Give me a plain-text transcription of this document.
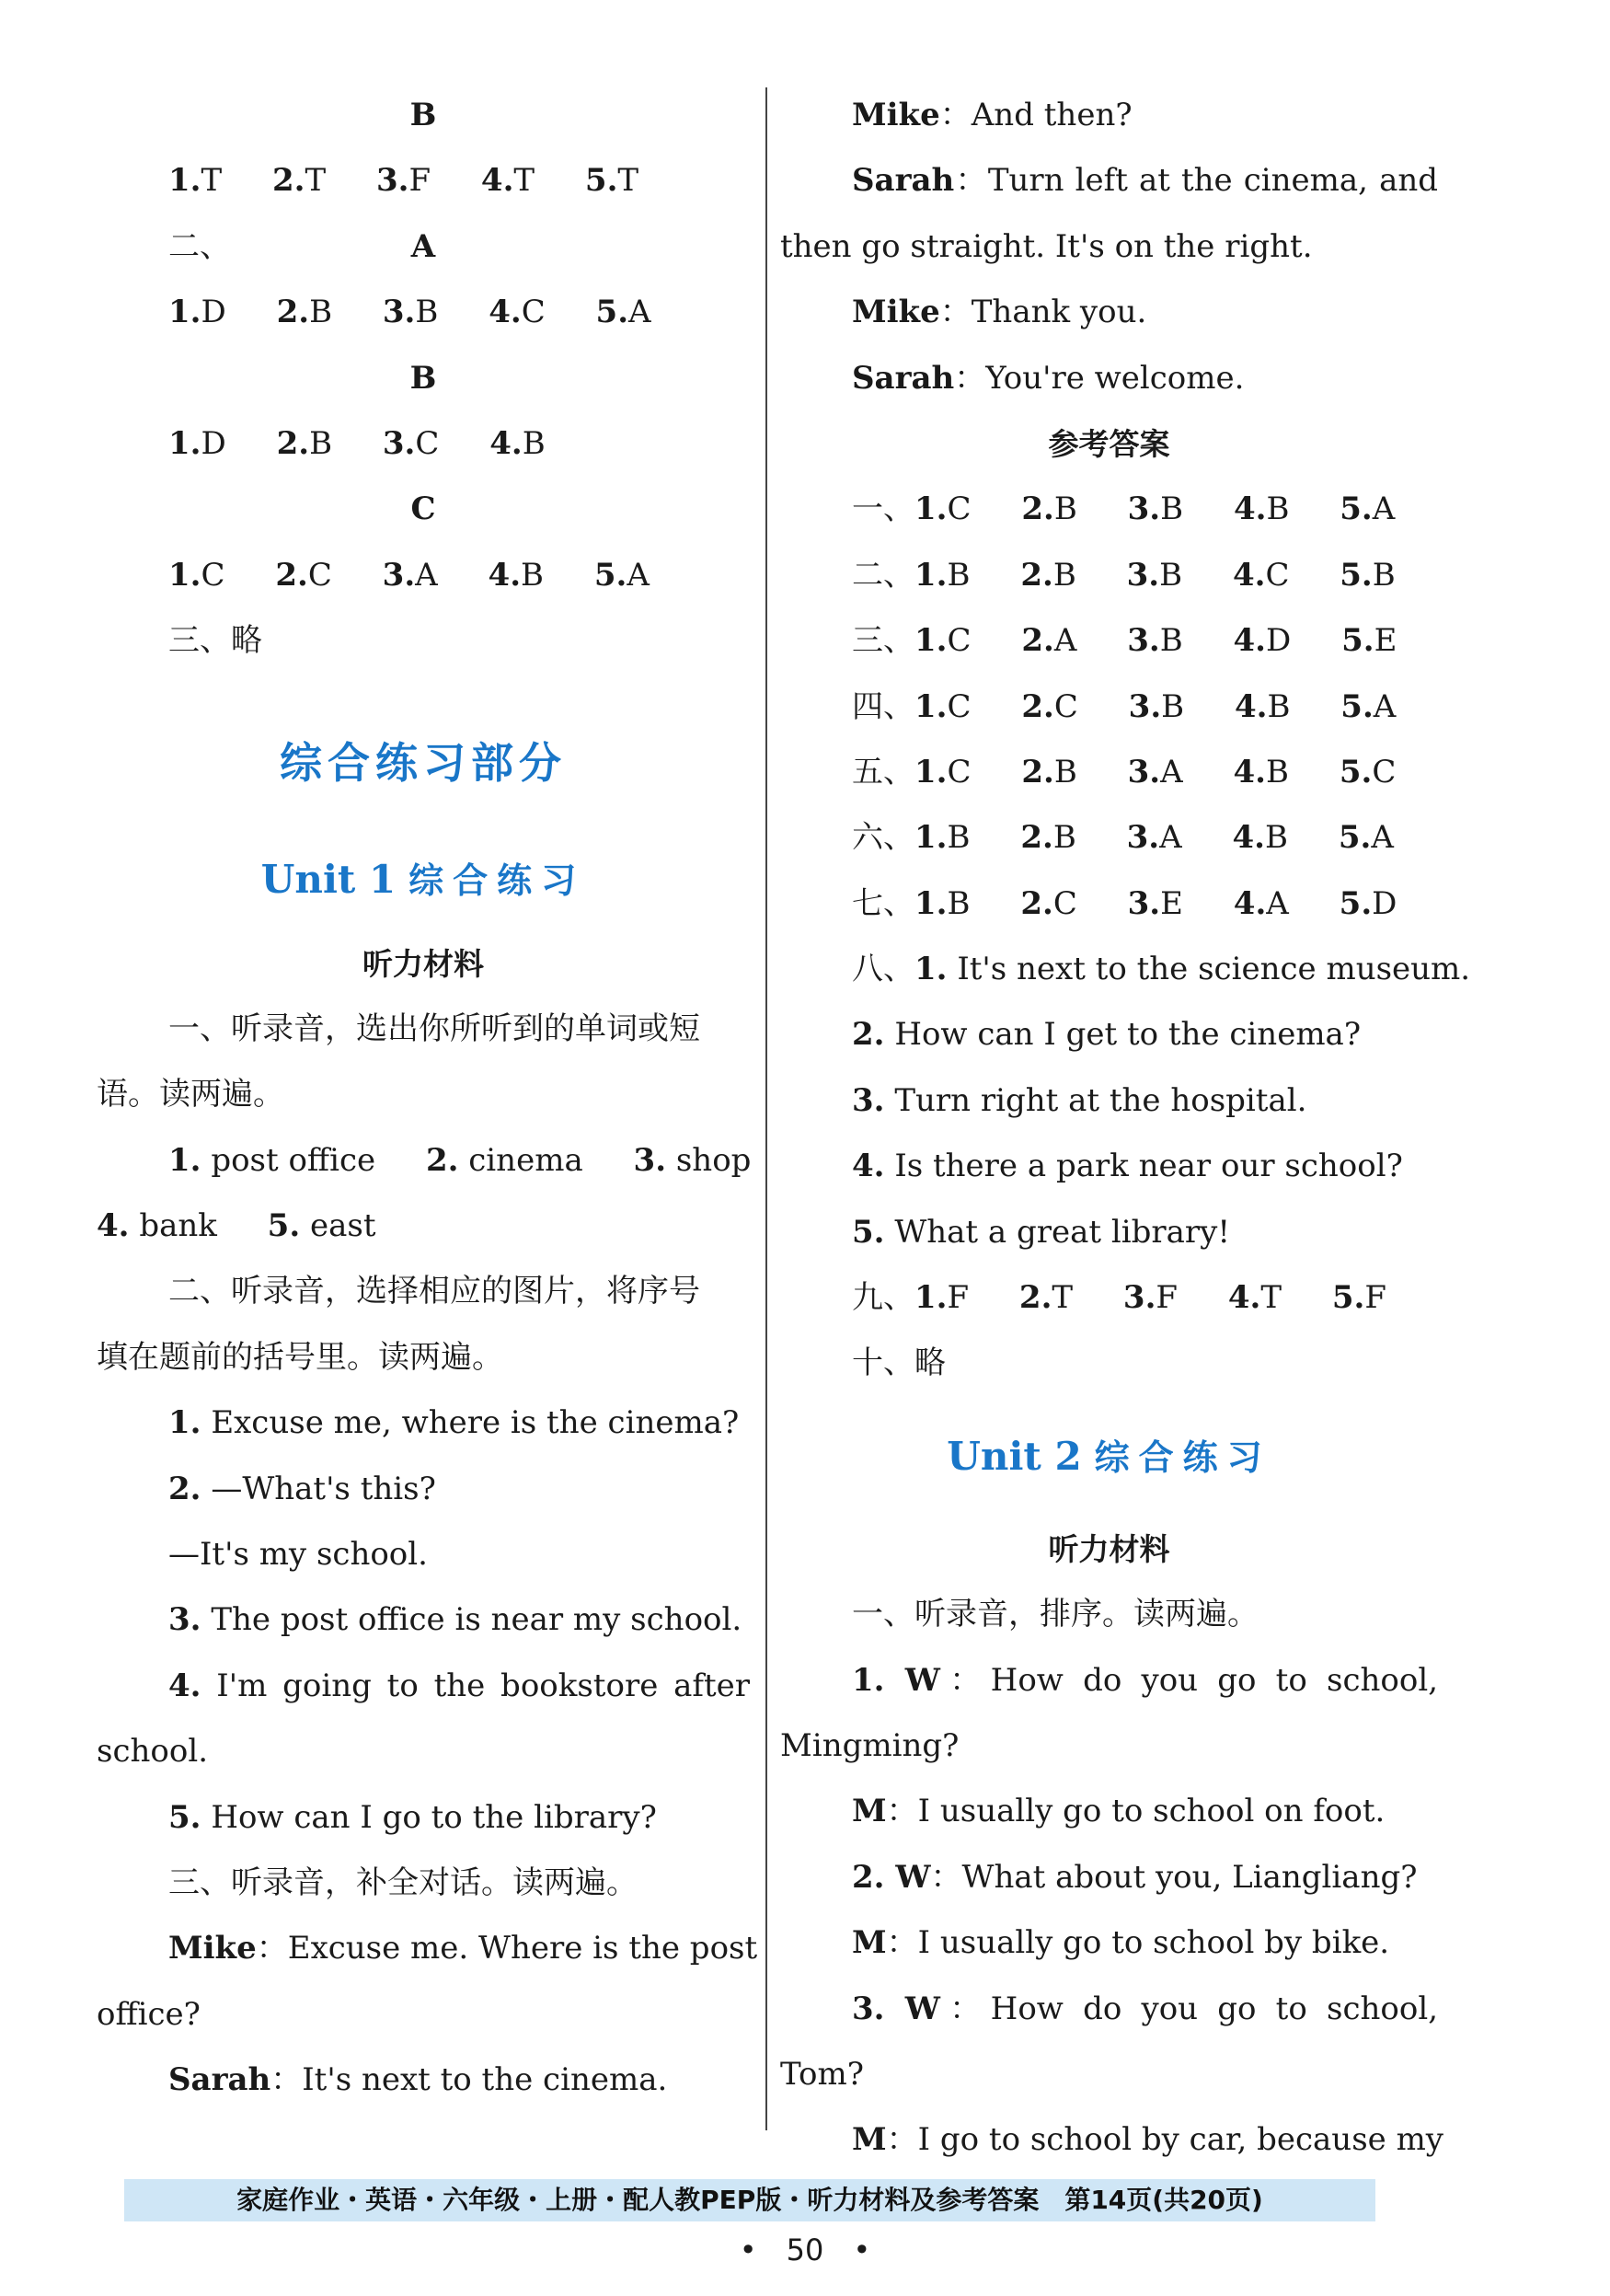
B
1.T 2.T 3.F 4.T 5.T
二、	A
1.D 2.B 3.B 4.C 5.A
B
1.D 2.B 3.C 4.B
C
1.C 2.C 3.A 4.B 5.A
三、略
综合练习部分
Unit 1 综合练习
听力材料
一、听录音，选出你所听到的单词或短
语。读两遍。
1. post office 2. cinema 3. shop
4. bank 5. east
二、听录音，选择相应的图片，将序号
填在题前的括号里。读两遍。
1. Excuse me, where is the cinema?
2. —What's this?
—It's my school.
3. The post office is near my school.
4. I'm going to the bookstore after
school.
5. How can I go to the library?
三、听录音，补全对话。读两遍。
Mike：Excuse me. Where is the post
office?
Sarah：It's next to the cinema.
Mike：And then?
Sarah：Turn left at the cinema, and
then go straight. It's on the right.
Mike：Thank you.
Sarah：You're welcome.
参考答案
一、1.C 2.B 3.B 4.B 5.A
二、1.B 2.B 3.B 4.C 5.B
三、1.C 2.A 3.B 4.D 5.E
四、1.C 2.C 3.B 4.B 5.A
五、1.C 2.B 3.A 4.B 5.C
六、1.B 2.B 3.A 4.B 5.A
七、1.B 2.C 3.E 4.A 5.D
八、1. It's next to the science museum.
2. How can I get to the cinema?
3. Turn right at the hospital.
4. Is there a park near our school?
5. What a great library!
九、1.F 2.T 3.F 4.T 5.F
十、略
Unit 2 综合练习
听力材料
一、听录音，排序。读两遍。
1. W：How do you go to school,
Mingming?
M：I usually go to school on foot.
2. W：What about you, Liangliang?
M：I usually go to school by bike.
3. W：How do you go to school,
Tom?
M：I go to school by car, because my
家庭作业・英语・六年级・上册・配人教PEP版・听力材料及参考答案　第14页(共20页)
•　50　•
